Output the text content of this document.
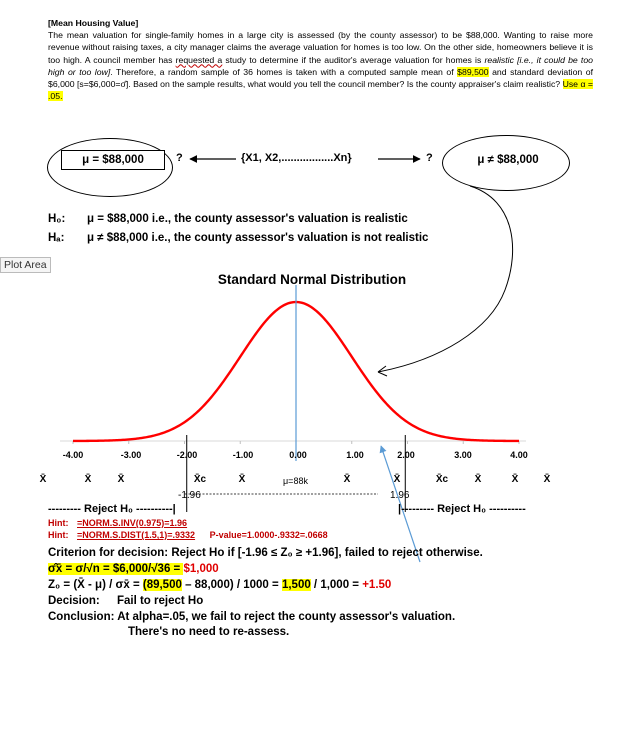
[Mean Housing Value]
The mean valuation for single-family homes in a large city is assessed (by the county assessor) to be $88,000. Wanting to raise more revenue without raising taxes, a city manager claims the average valuation for homes is too low. On the other side, homeowners believe it is too high. A council member has requested a study to determine if the auditor's average valuation for homes is realistic [i.e., it could be too high or too low]. Therefore, a random sample of 36 homes is taken with a computed sample mean of $89,500 and standard deviation of $6,000 [s=$6,000=σ̂]. Based on the sample results, what would you tell the council member? Is the county appraiser's claim realistic? Use α = .05.
μ = $88,000	?	{X1, X2,.................Xn}	?	μ ≠ $88,000
H₀: μ = $88,000 i.e., the county assessor's valuation is realistic
Hₐ: μ ≠ $88,000 i.e., the county assessor's valuation is not realistic
Plot Area
Standard Normal Distribution
-4.00	-3.00	-2.00	-1.00	0.00	1.00	2.00	3.00	4.00
X̄	X̄	X̄	X̄c	X̄	μ=88k	X̄	X̄	X̄c	X̄	X̄	X̄
-1.96	1.96
--------- Reject H₀ ----------|	|--------- Reject H₀ ----------
Hint: =NORM.S.INV(0.975)=1.96
Hint: =NORM.S.DIST(1.5,1)=.9332 P-value=1.0000-.9332=.0668
Criterion for decision: Reject Ho if [-1.96 ≤ Z₀ ≥ +1.96], failed to reject otherwise.
σ̂x̄ = σ/√n = $6,000/√36 = $1,000
Z₀ = (X̄ - μ) / σx̄ = (89,500 – 88,000) / 1000 = 1,500 / 1,000 = +1.50
Decision: Fail to reject Ho
Conclusion: At alpha=.05, we fail to reject the county assessor's valuation.
There's no need to re-assess.
